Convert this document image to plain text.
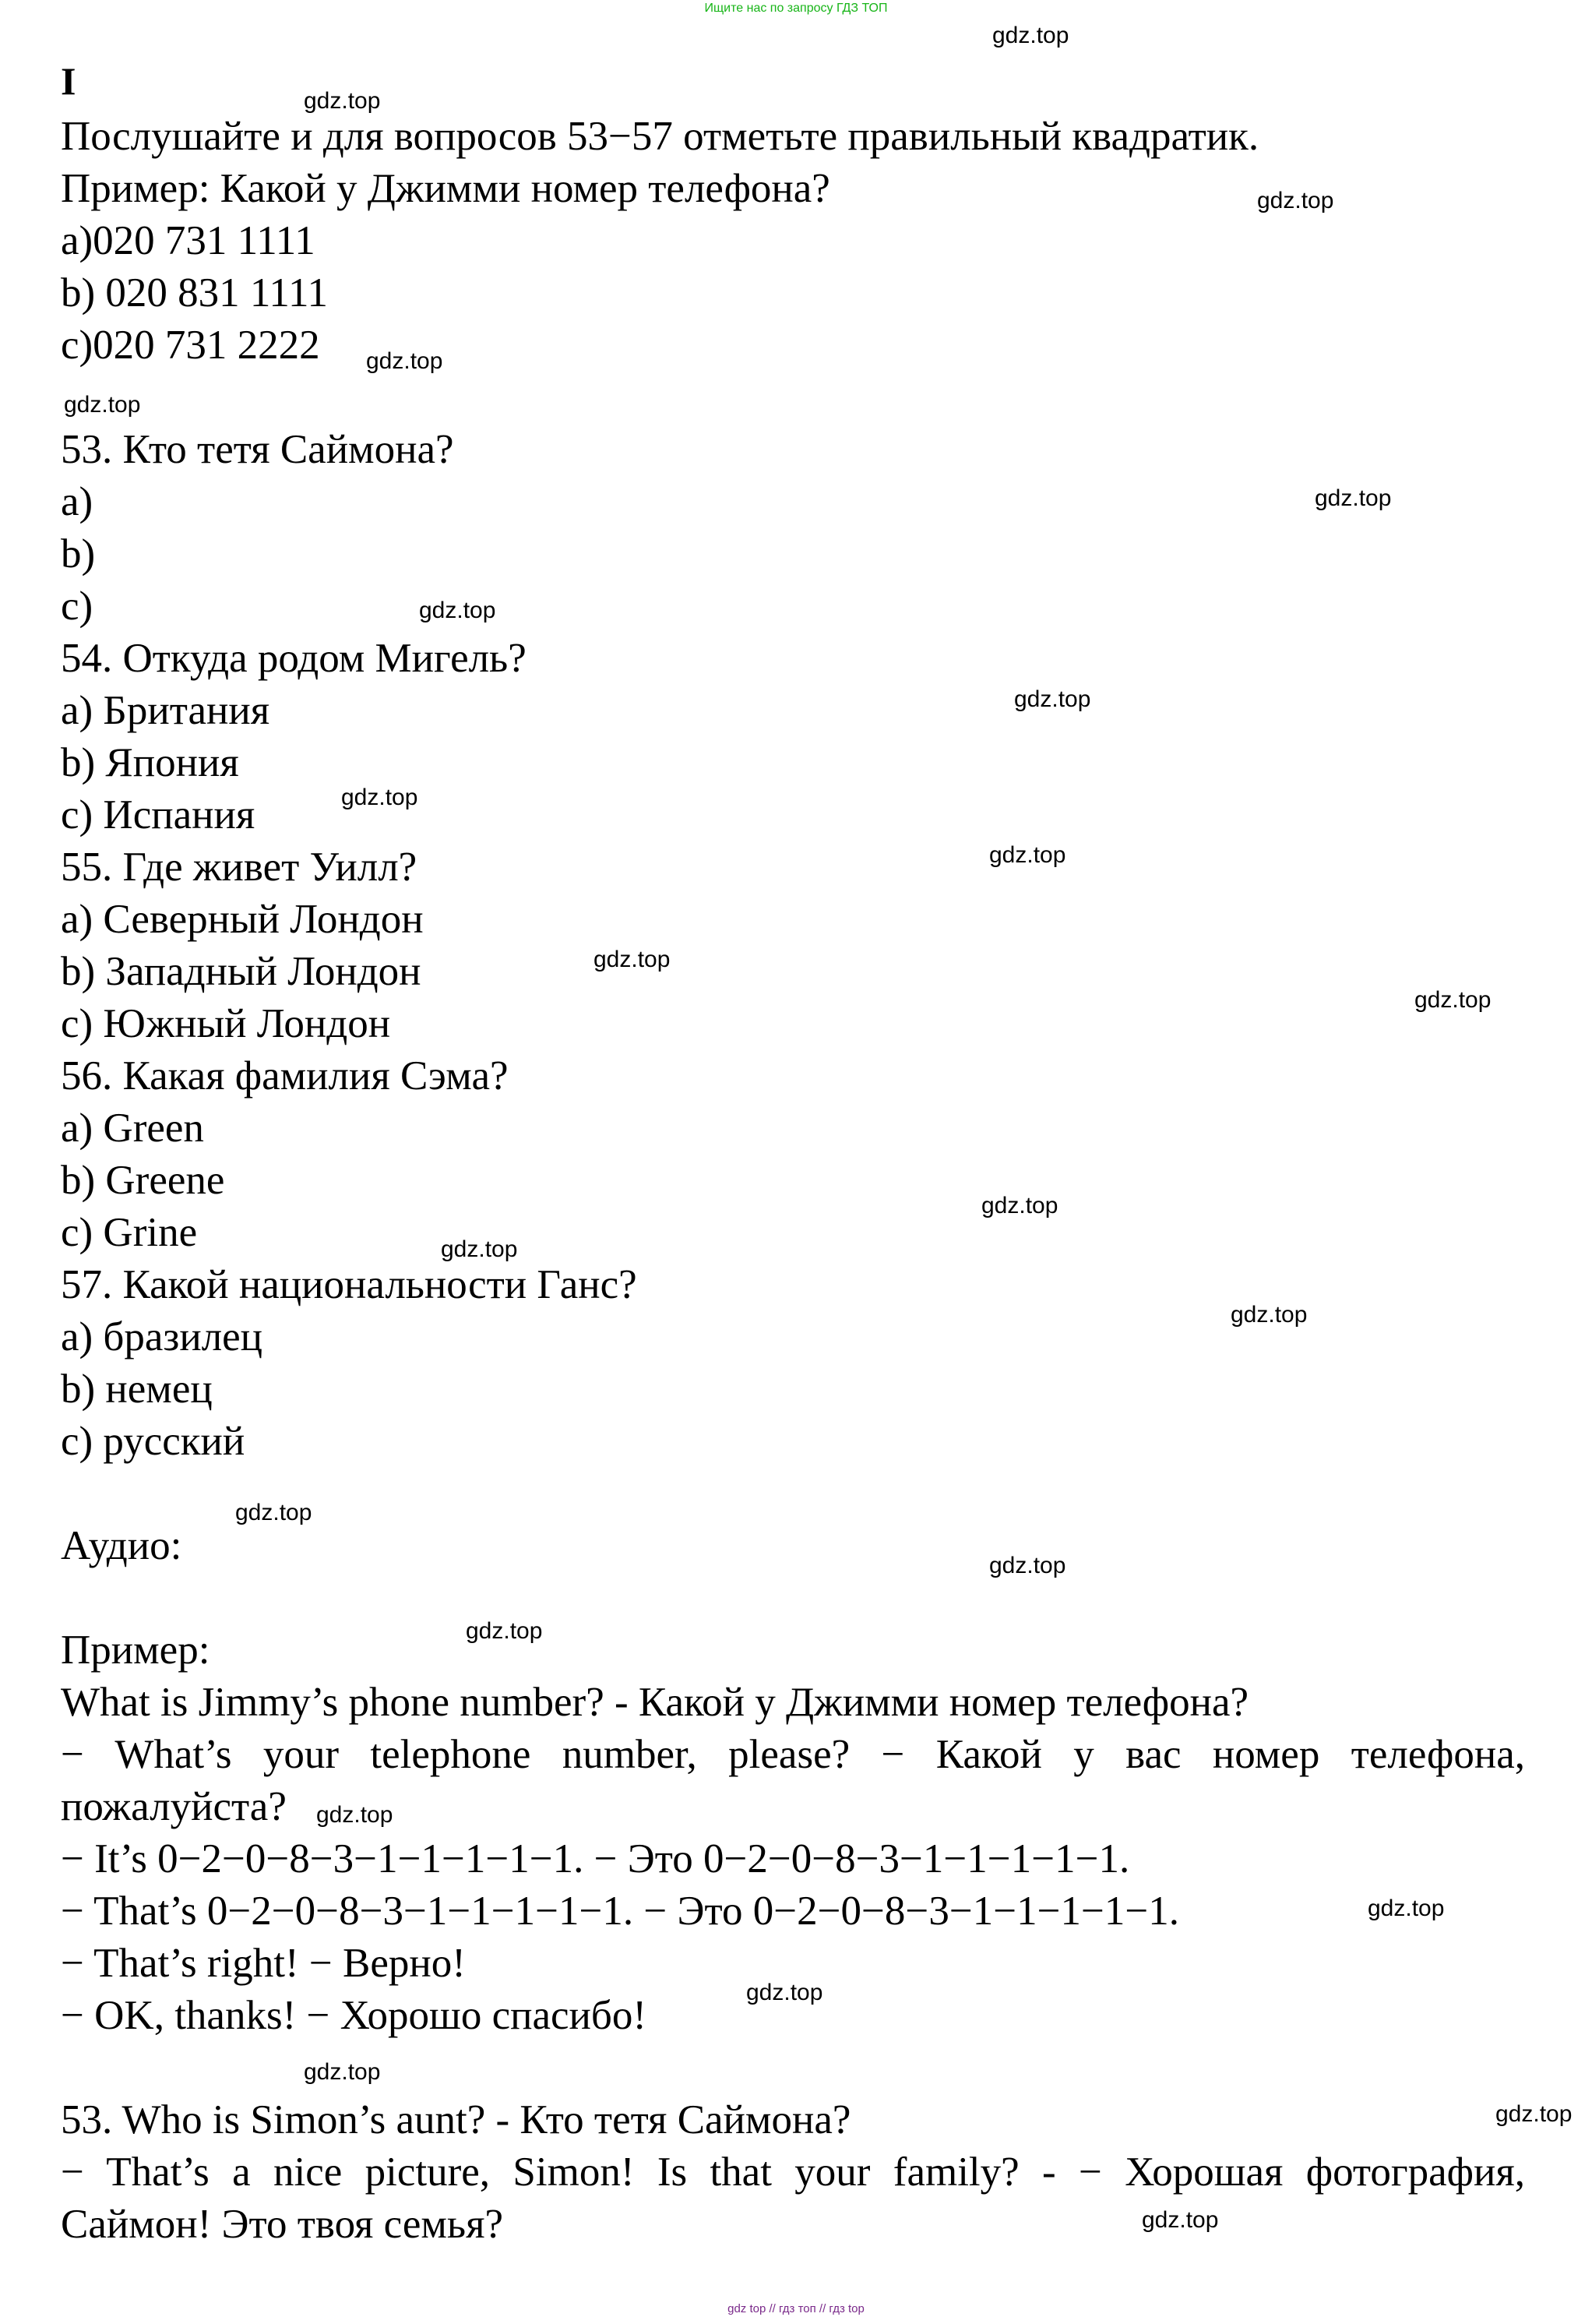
Ищите нас по запросу ГДЗ ТОП
I
Послушайте и для вопросов 53−57 отметьте правильный квадратик.
Пример: Какой у Джимми номер телефона?
a)020 731 1111
b) 020 831 1111
c)020 731 2222
53. Кто тетя Саймона?
a)
b)
c)
54. Откуда родом Мигель?
a) Британия
b) Япония
c) Испания
55. Где живет Уилл?
a) Северный Лондон
b) Западный Лондон
c) Южный Лондон
56. Какая фамилия Сэма?
a) Green
b) Greene
c) Grine
57. Какой национальности Ганс?
a) бразилец
b) немец
c) русский
Аудио:
Пример:
What is Jimmy’s phone number? - Какой у Джимми номер телефона?
− What’s your telephone number, please? − Какой у вас номер телефона,
пожалуйста?
− It’s 0−2−0−8−3−1−1−1−1−1. − Это 0−2−0−8−3−1−1−1−1−1.
− That’s 0−2−0−8−3−1−1−1−1−1. − Это 0−2−0−8−3−1−1−1−1−1.
− That’s right! − Верно!
− OK, thanks! − Хорошо спасибо!
53. Who is Simon’s aunt? - Кто тетя Саймона?
− That’s a nice picture, Simon! Is that your family? - − Хорошая фотография,
Саймон! Это твоя семья?
gdz.top
gdz.top
gdz.top
gdz.top
gdz.top
gdz.top
gdz.top
gdz.top
gdz.top
gdz.top
gdz.top
gdz.top
gdz.top
gdz.top
gdz.top
gdz.top
gdz.top
gdz.top
gdz.top
gdz.top
gdz.top
gdz.top
gdz.top
gdz.top
gdz top // гдз топ // гдз top
